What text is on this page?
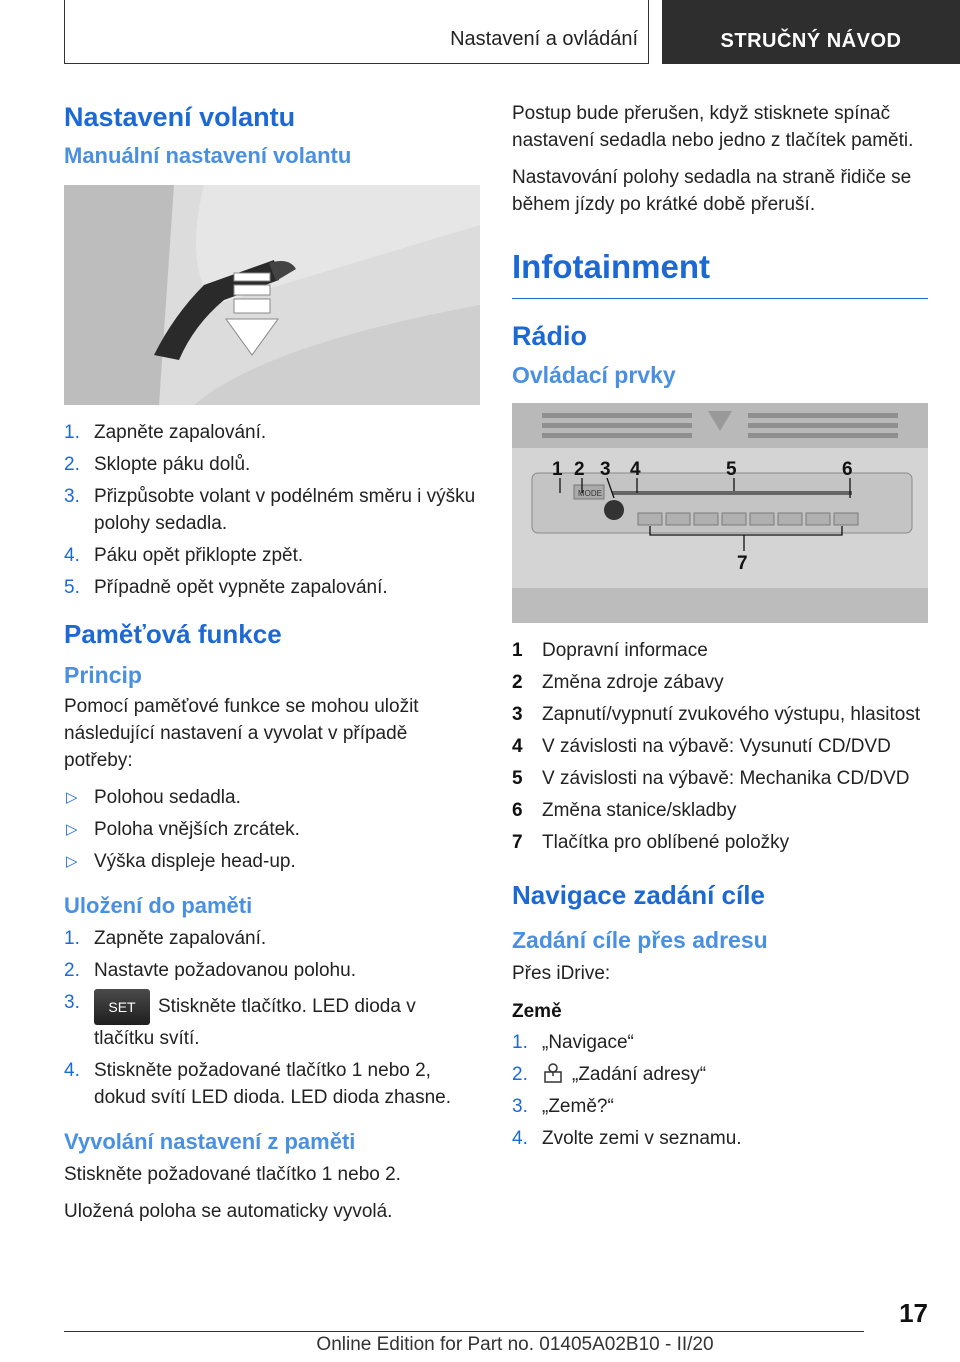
Nastavení a ovládání	STRUČNÝ NÁVOD
Nastavení volantu
Manuální nastavení volantu
1. Zapněte zapalování.
2. Sklopte páku dolů.
3. Přizpůsobte volant v podélném směru i výšku polohy sedadla.
4. Páku opět přiklopte zpět.
5. Případně opět vypněte zapalování.
Paměťová funkce
Princip

Pomocí paměťové funkce se mohou uložit následující nastavení a vyvolat v případě potřeby:

▷ Polohou sedadla.
▷ Poloha vnějších zrcátek.
▷ Výška displeje head-up.
Uložení do paměti
1. Zapněte zapalování.
2. Nastavte požadovanou polohu.
3. SET Stiskněte tlačítko. LED dioda v tlačítku svítí.
4. Stiskněte požadované tlačítko 1 nebo 2, dokud svítí LED dioda. LED dioda zhasne.
Vyvolání nastavení z paměti

Stiskněte požadované tlačítko 1 nebo 2.

Uložená poloha se automaticky vyvolá.

Postup bude přerušen, když stisknete spínač nastavení sedadla nebo jedno z tlačítek paměti.

Nastavování polohy sedadla na straně řidiče se během jízdy po krátké době přeruší.

Infotainment
Rádio
Ovládací prvky
MODE
1 2 3 4	5	6
7
1 Dopravní informace
2 Změna zdroje zábavy
3 Zapnutí/vypnutí zvukového výstupu, hlasitost
4 V závislosti na výbavě: Vysunutí CD/DVD
5 V závislosti na výbavě: Mechanika CD/DVD
6 Změna stanice/skladby
7 Tlačítka pro oblíbené položky
Navigace zadání cíle
Zadání cíle přes adresu

Přes iDrive:

Země
1. „Navigace“
2. „Zadání adresy“
3. „Země?“
4. Zvolte zemi v seznamu.
17
Online Edition for Part no. 01405A02B10 - II/20
